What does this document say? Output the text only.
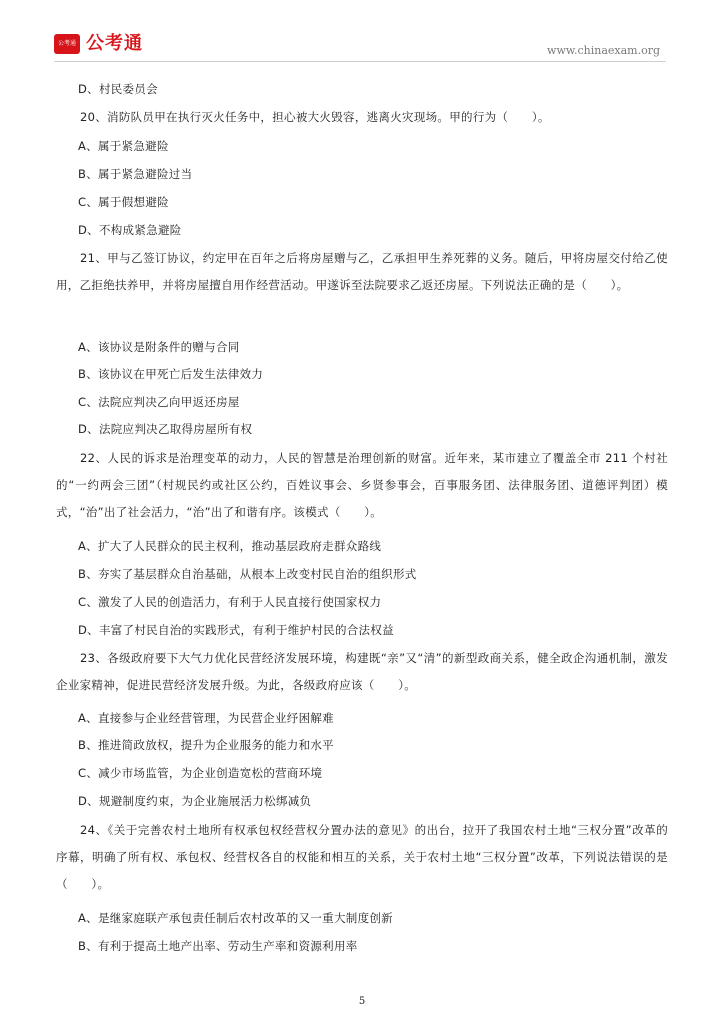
公考通 公考通	www.chinaexam.org
D、村民委员会
20、消防队员甲在执行灭火任务中，担心被大火毁容，逃离火灾现场。甲的行为（　　）。
A、属于紧急避险
B、属于紧急避险过当
C、属于假想避险
D、不构成紧急避险
21、甲与乙签订协议，约定甲在百年之后将房屋赠与乙，乙承担甲生养死葬的义务。随后，甲将房屋交付给乙使用，乙拒绝扶养甲，并将房屋擅自用作经营活动。甲遂诉至法院要求乙返还房屋。下列说法正确的是（　　）。
A、该协议是附条件的赠与合同
B、该协议在甲死亡后发生法律效力
C、法院应判决乙向甲返还房屋
D、法院应判决乙取得房屋所有权
22、人民的诉求是治理变革的动力，人民的智慧是治理创新的财富。近年来，某市建立了覆盖全市 211 个村社的“一约两会三团”（村规民约或社区公约，百姓议事会、乡贤参事会，百事服务团、法律服务团、道德评判团）模式，“治”出了社会活力，“治”出了和谐有序。该模式（　　）。
A、扩大了人民群众的民主权利，推动基层政府走群众路线
B、夯实了基层群众自治基础，从根本上改变村民自治的组织形式
C、激发了人民的创造活力，有利于人民直接行使国家权力
D、丰富了村民自治的实践形式，有利于维护村民的合法权益
23、各级政府要下大气力优化民营经济发展环境，构建既“亲”又“清”的新型政商关系，健全政企沟通机制，激发企业家精神，促进民营经济发展升级。为此，各级政府应该（　　）。
A、直接参与企业经营管理，为民营企业纾困解难
B、推进简政放权，提升为企业服务的能力和水平
C、减少市场监管，为企业创造宽松的营商环境
D、规避制度约束，为企业施展活力松绑减负
24、《关于完善农村土地所有权承包权经营权分置办法的意见》的出台，拉开了我国农村土地“三权分置”改革的序幕，明确了所有权、承包权、经营权各自的权能和相互的关系，关于农村土地“三权分置”改革，下列说法错误的是（　　）。
A、是继家庭联产承包责任制后农村改革的又一重大制度创新
B、有利于提高土地产出率、劳动生产率和资源利用率
5
